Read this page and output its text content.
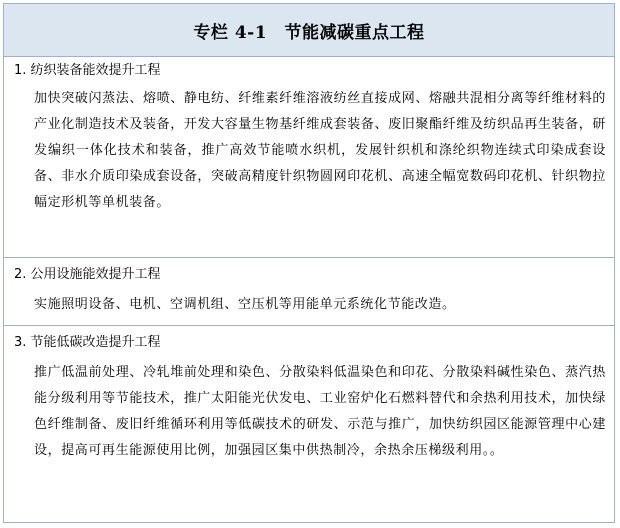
专栏 4-1　节能减碳重点工程
1. 纺织装备能效提升工程
加快突破闪蒸法、熔喷、静电纺、纤维素纤维溶液纺丝直接成网、熔融共混相分离等纤维材料的产业化制造技术及装备，开发大容量生物基纤维成套装备、废旧聚酯纤维及纺织品再生装备，研发编织一体化技术和装备，推广高效节能喷水织机，发展针织机和涤纶织物连续式印染成套设备、非水介质印染成套设备，突破高精度针织物圆网印花机、高速全幅宽数码印花机、针织物拉幅定形机等单机装备。
2. 公用设施能效提升工程
实施照明设备、电机、空调机组、空压机等用能单元系统化节能改造。
3. 节能低碳改造提升工程
推广低温前处理、冷轧堆前处理和染色、分散染料低温染色和印花、分散染料碱性染色、蒸汽热能分级利用等节能技术，推广太阳能光伏发电、工业窑炉化石燃料替代和余热利用技术，加快绿色纤维制备、废旧纤维循环利用等低碳技术的研发、示范与推广，加快纺织园区能源管理中心建设，提高可再生能源使用比例，加强园区集中供热制冷，余热余压梯级利用。。
